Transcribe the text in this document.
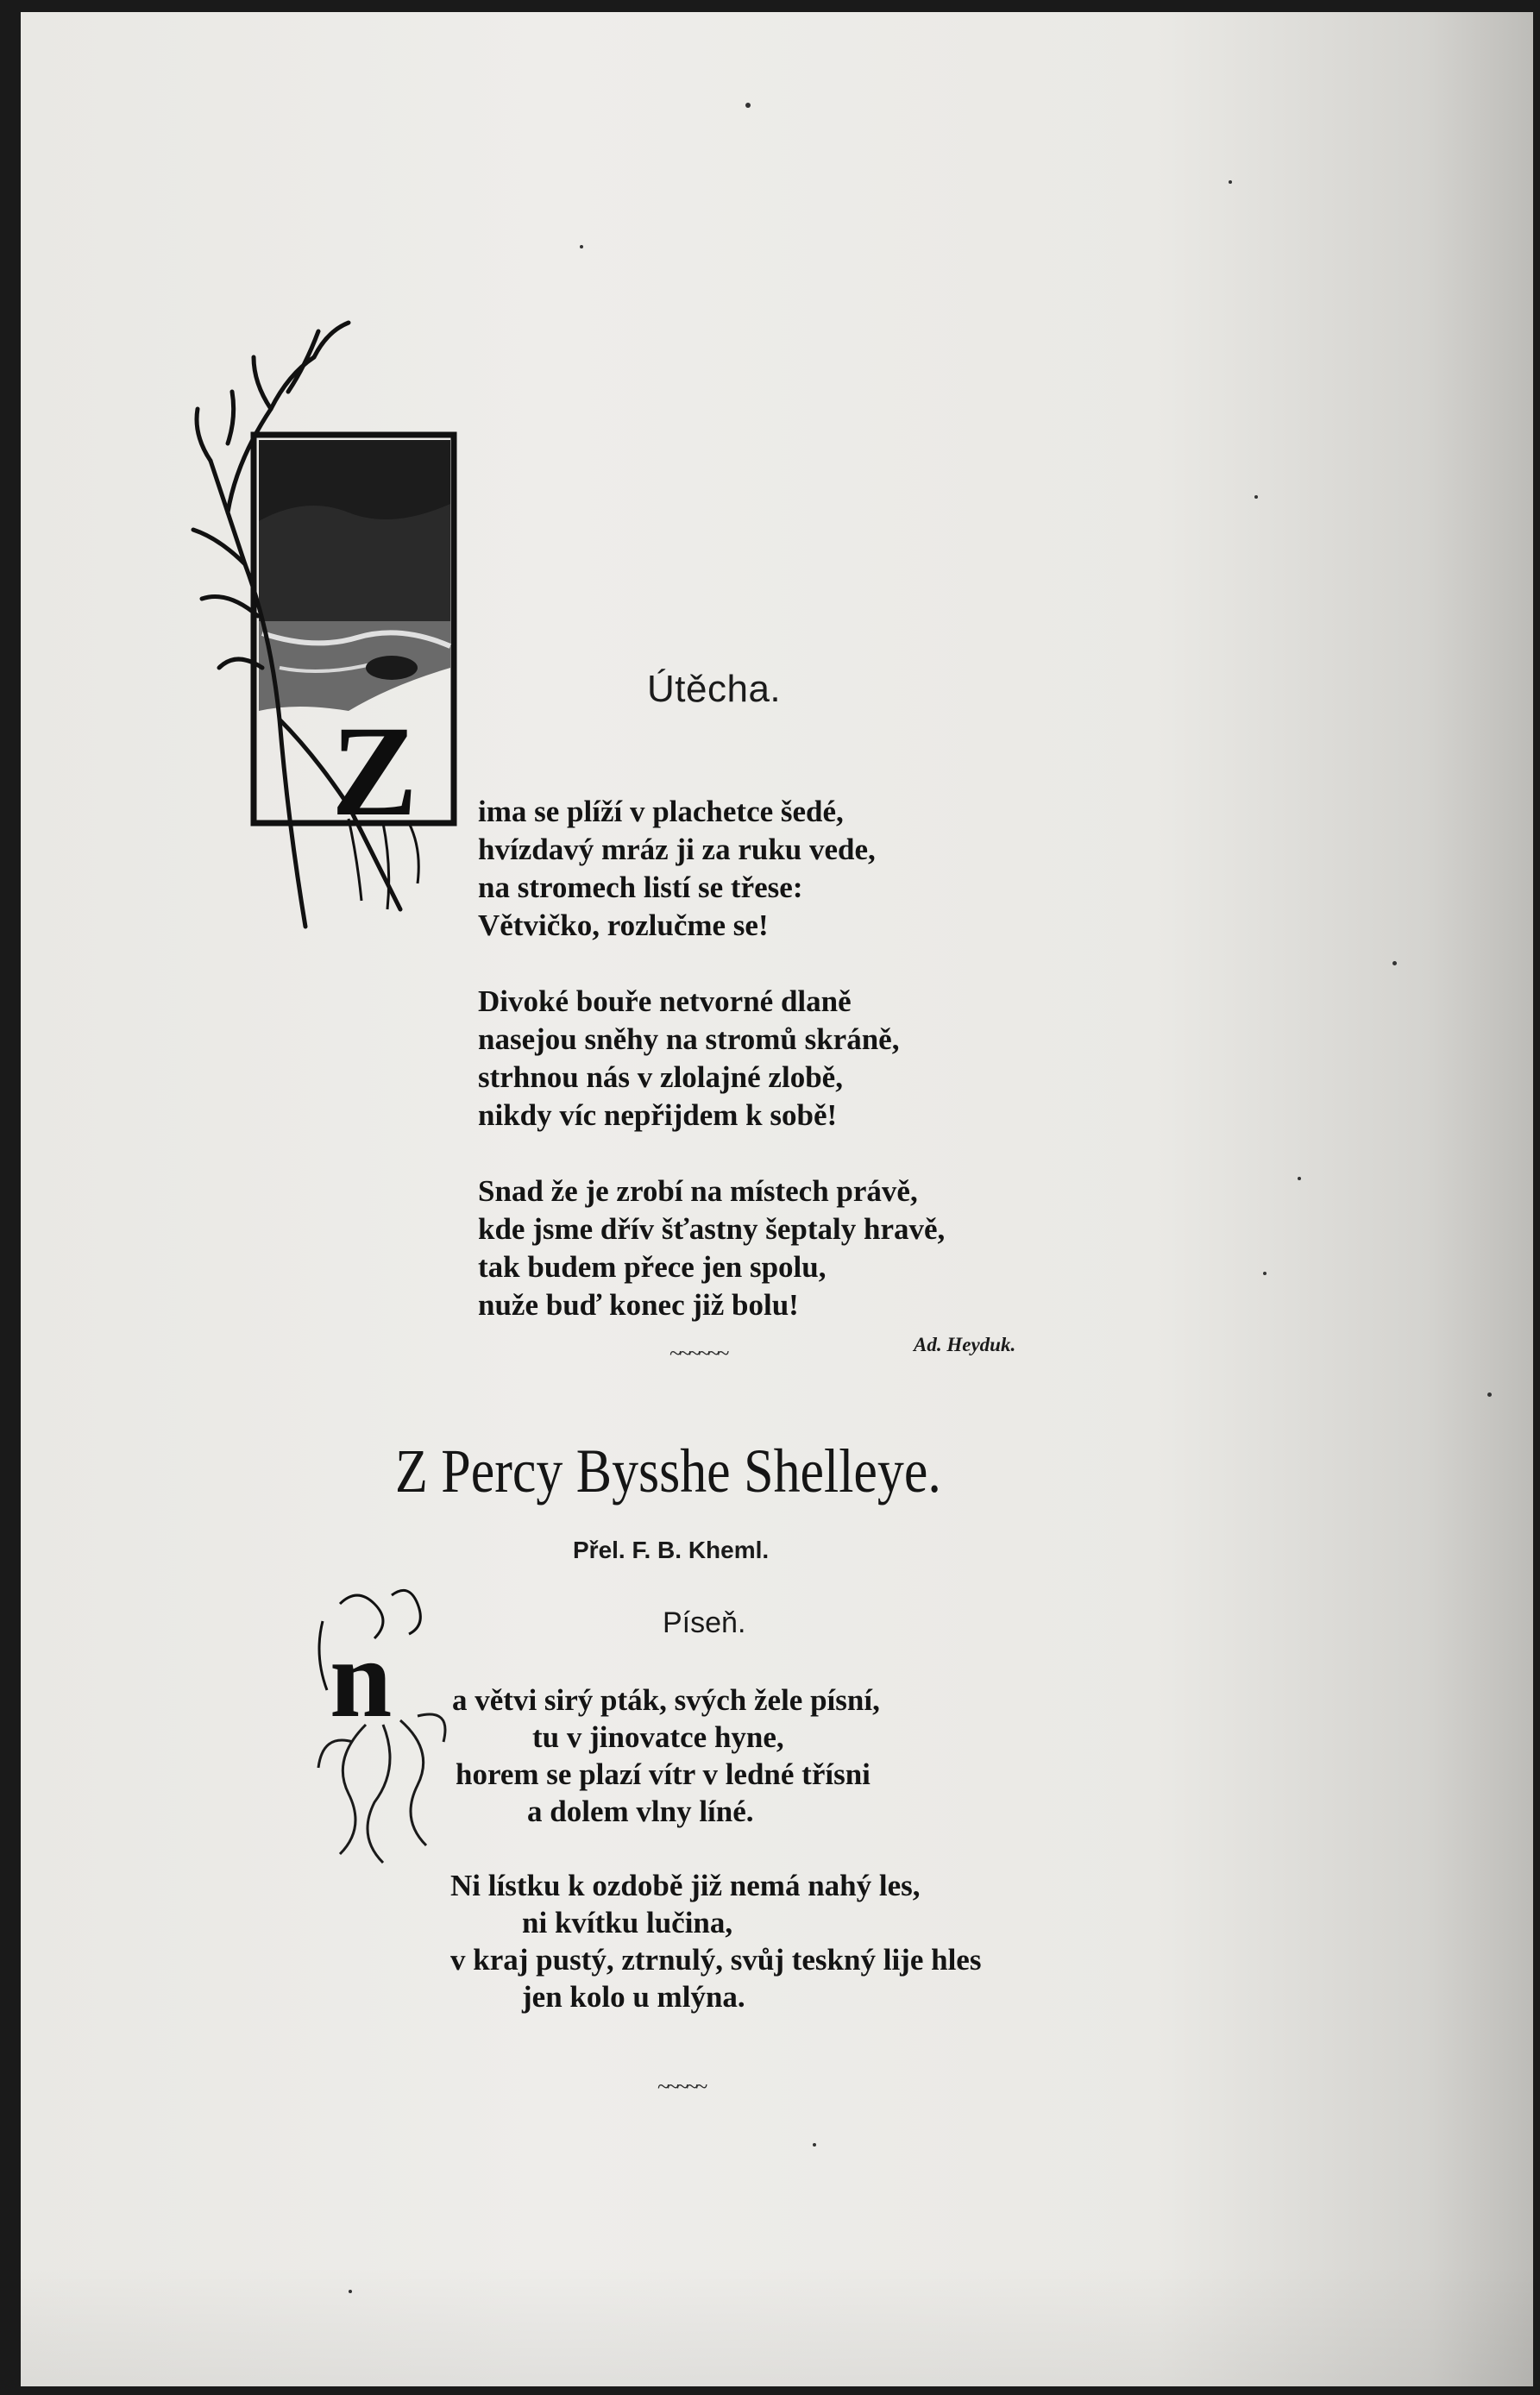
Z
Útěcha.
ima se plíží v plachetce šedé,
hvízdavý mráz ji za ruku vede,
na stromech listí se třese:
Větvičko, rozlučme se!
Divoké bouře netvorné dlaně
nasejou sněhy na stromů skráně,
strhnou nás v zlolajné zlobě,
nikdy víc nepřijdem k sobě!
Snad že je zrobí na místech právě,
kde jsme dřív šťastny šeptaly hravě,
tak budem přece jen spolu,
nuže buď konec již bolu!
Ad. Heyduk.
~~~~~~
Z Percy Bysshe Shelleye.
Přel. F. B. Kheml.
Píseň.
n	a větvi sirý pták, svých žele písní,
tu v jinovatce hyne,
horem se plazí vítr v ledné třísni
a dolem vlny líné.
Ni lístku k ozdobě již nemá nahý les,
ni kvítku lučina,
v kraj pustý, ztrnulý, svůj teskný lije hles
jen kolo u mlýna.
~~~~~
